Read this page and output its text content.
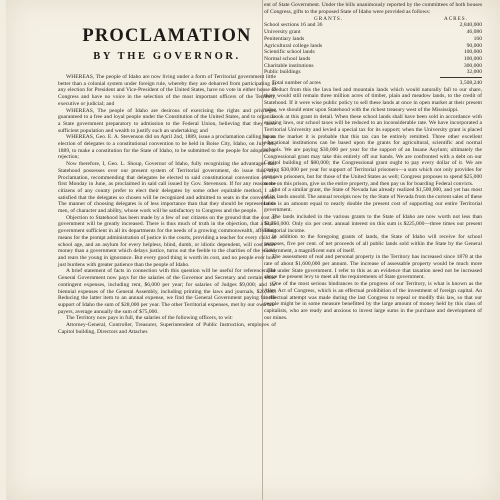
PROCLAMATION
BY THE GOVERNOR.

WHEREAS, The people of Idaho are now living under a form of Territorial government little better than a colonial system under foreign rule, whereby they are debarred from participating in any election for President and Vice-President of the United States, have no vote in either house of Congress and have no voice in the selection of the most important officers of the Territory, executive or judicial; and

WHEREAS, The people of Idaho are desirous of exercising the rights and privileges guaranteed to a free and loyal people under the Constitution of the United States, and to organize a State government preparatory to admission to the Federal Union, believing that they have sufficient population and wealth to justify such an undertaking; and

WHEREAS, Geo. E. A. Stevenson did on April 2nd, 1889, issue a proclamation calling for an election of delegates to a constitutional convention to be held in Boise City, Idaho, on July 4th, 1889, to make a constitution for the State of Idaho, to be submitted to the people for adoption or rejection;

Now therefore, I, Geo. L. Shoup, Governor of Idaho, fully recognizing the advantages that Statehood possesses over our present system of Territorial government, do issue this, my Proclamation, recommending that delegates be elected to said constitutional convention on the first Monday in June, as proclaimed in said call issued by Gov. Stevenson. If for any reason the citizens of any county prefer to elect their delegates by some other equitable method, I am satisfied that the delegates so chosen will be recognized and admitted to seats in the convention. The manner of choosing delegates is of less importance than that they should be representative men, of character and ability, whose work will be satisfactory to Congress and the people.

Objection to Statehood has been made by a few of our citizens on the ground that the cost of government will be greatly increased. There is thus much of truth in the objection, that a State government sufficient in all its departments for the needs of a growing commonwealth, affording means for the prompt administration of justice in the courts, providing a teacher for every child of school age, and an asylum for every helpless, blind, dumb, or idiotic dependent, will cost more money than a government which delays justice, turns out the feeble to the charities of the world, and rears the young in ignorance. But every good thing is worth its cost, and no people ever bore just burdens with greater patience than the people of Idaho.

A brief statement of facts in connection with this question will be useful for reference. The General Government now pays for the salaries of the Governor and Secretary and certain other contingent expenses, including rent, $6,000 per year; for salaries of Judges $9,000; and for biennial expenses of the General Assembly, including printing the laws and journals, $26,000. Reducing the latter item to an annual expense, we find the General Government paying for the support of Idaho the sum of $28,000 per year. The other Territorial expenses, met by our own tax-payers, average annually the sum of $75,000.

The Territory now pays in full, the salaries of the following officers, to wit:

Attorney-General, Controller, Treasurer, Superintendent of Public Instruction, employes of Capitol building, Directors and Attaches

ent of State Government. Under the bills unanimously reported by the committees of both houses of Congress, gifts to the proposed State of Idaho were provided as follows:

GRANTS.	ACRES.
School sections 16 and 36	2,840,000
University grant	46,080
Penitentiary lands	160
Agricultural college lands	90,000
Scientific school lands	100,000
Normal school lands	100,000
Charitable institutions	300,000
Public buildings	32,000
Total number of acres	3,508,240

Deduct from this the lava bed and mountain lands which would naturally fall to our share, there would still remain three million acres of timber, plain and meadow lands, to the credit of Statehood. If it were wise public policy to sell these lands at once in open market at their present value, we should enter upon Statehood with the richest treasury west of the Mississippi.

Look at this grant in detail. When these school lands shall have been sold in accordance with existing laws, our school taxes will be reduced to an inconsiderable rate. We have incorporated a Territorial University and levied a special tax for its support; when the University grant is placed upon the market it is probable that this tax can be entirely remitted. Three other excellent educational institutions can be based upon the grants for agricultural, scientific and normal schools. We are paying $30,000 per year for the support of an Insane Asylum; ultimately the Congressional grant may take this entirely off our hands. We are confronted with a debt on our Capitol building of $80,000; the Congressional grant ought to pay every dollar of it. We are paying $30,000 per year for support of Territorial prisoners—a sum which not only provides for our own prisoners, but for those of the United States as well; Congress proposes to spend $25,000 more on this prison, give us the entire property, and then pay us for boarding Federal convicts.

Out of a similar grant, the State of Nevada has already realized $1,500,000, and yet has most of its lands unsold. The annual receipts now by the State of Nevada from the current sales of these lands is an amount equal to nearly double the present cost of supporting our entire Territorial government.

The lands included in the various grants to the State of Idaho are now worth not less than $3,750,000. Only six per cent. annual interest on this sum is $225,000—three times our present Territorial income.

In addition to the foregoing grants of lands, the State of Idaho will receive for school purposes, five per cent. of net proceeds of all public lands sold within the State by the General Government, a magnificent sum of itself.

The assessment of real and personal property in the Territory has increased since 1878 at the rate of about $1,600,000 per annum. The increase of assessable property would be much more rapid under State government. I refer to this as an evidence that taxation need not be increased above the present levy to meet all the requirements of State government.

One of the most serious hindrances to the progress of our Territory, is what is known as the Alien Act of Congress, which is an effectual prohibition of the investment of foreign capital. An ineffectual attempt was made during the last Congress to repeal or modify this law, so that our people might be in some measure benefitted by the large amount of money held by this class of capitalists, who are ready and anxious to invest large sums in the purchase and development of our mines.
